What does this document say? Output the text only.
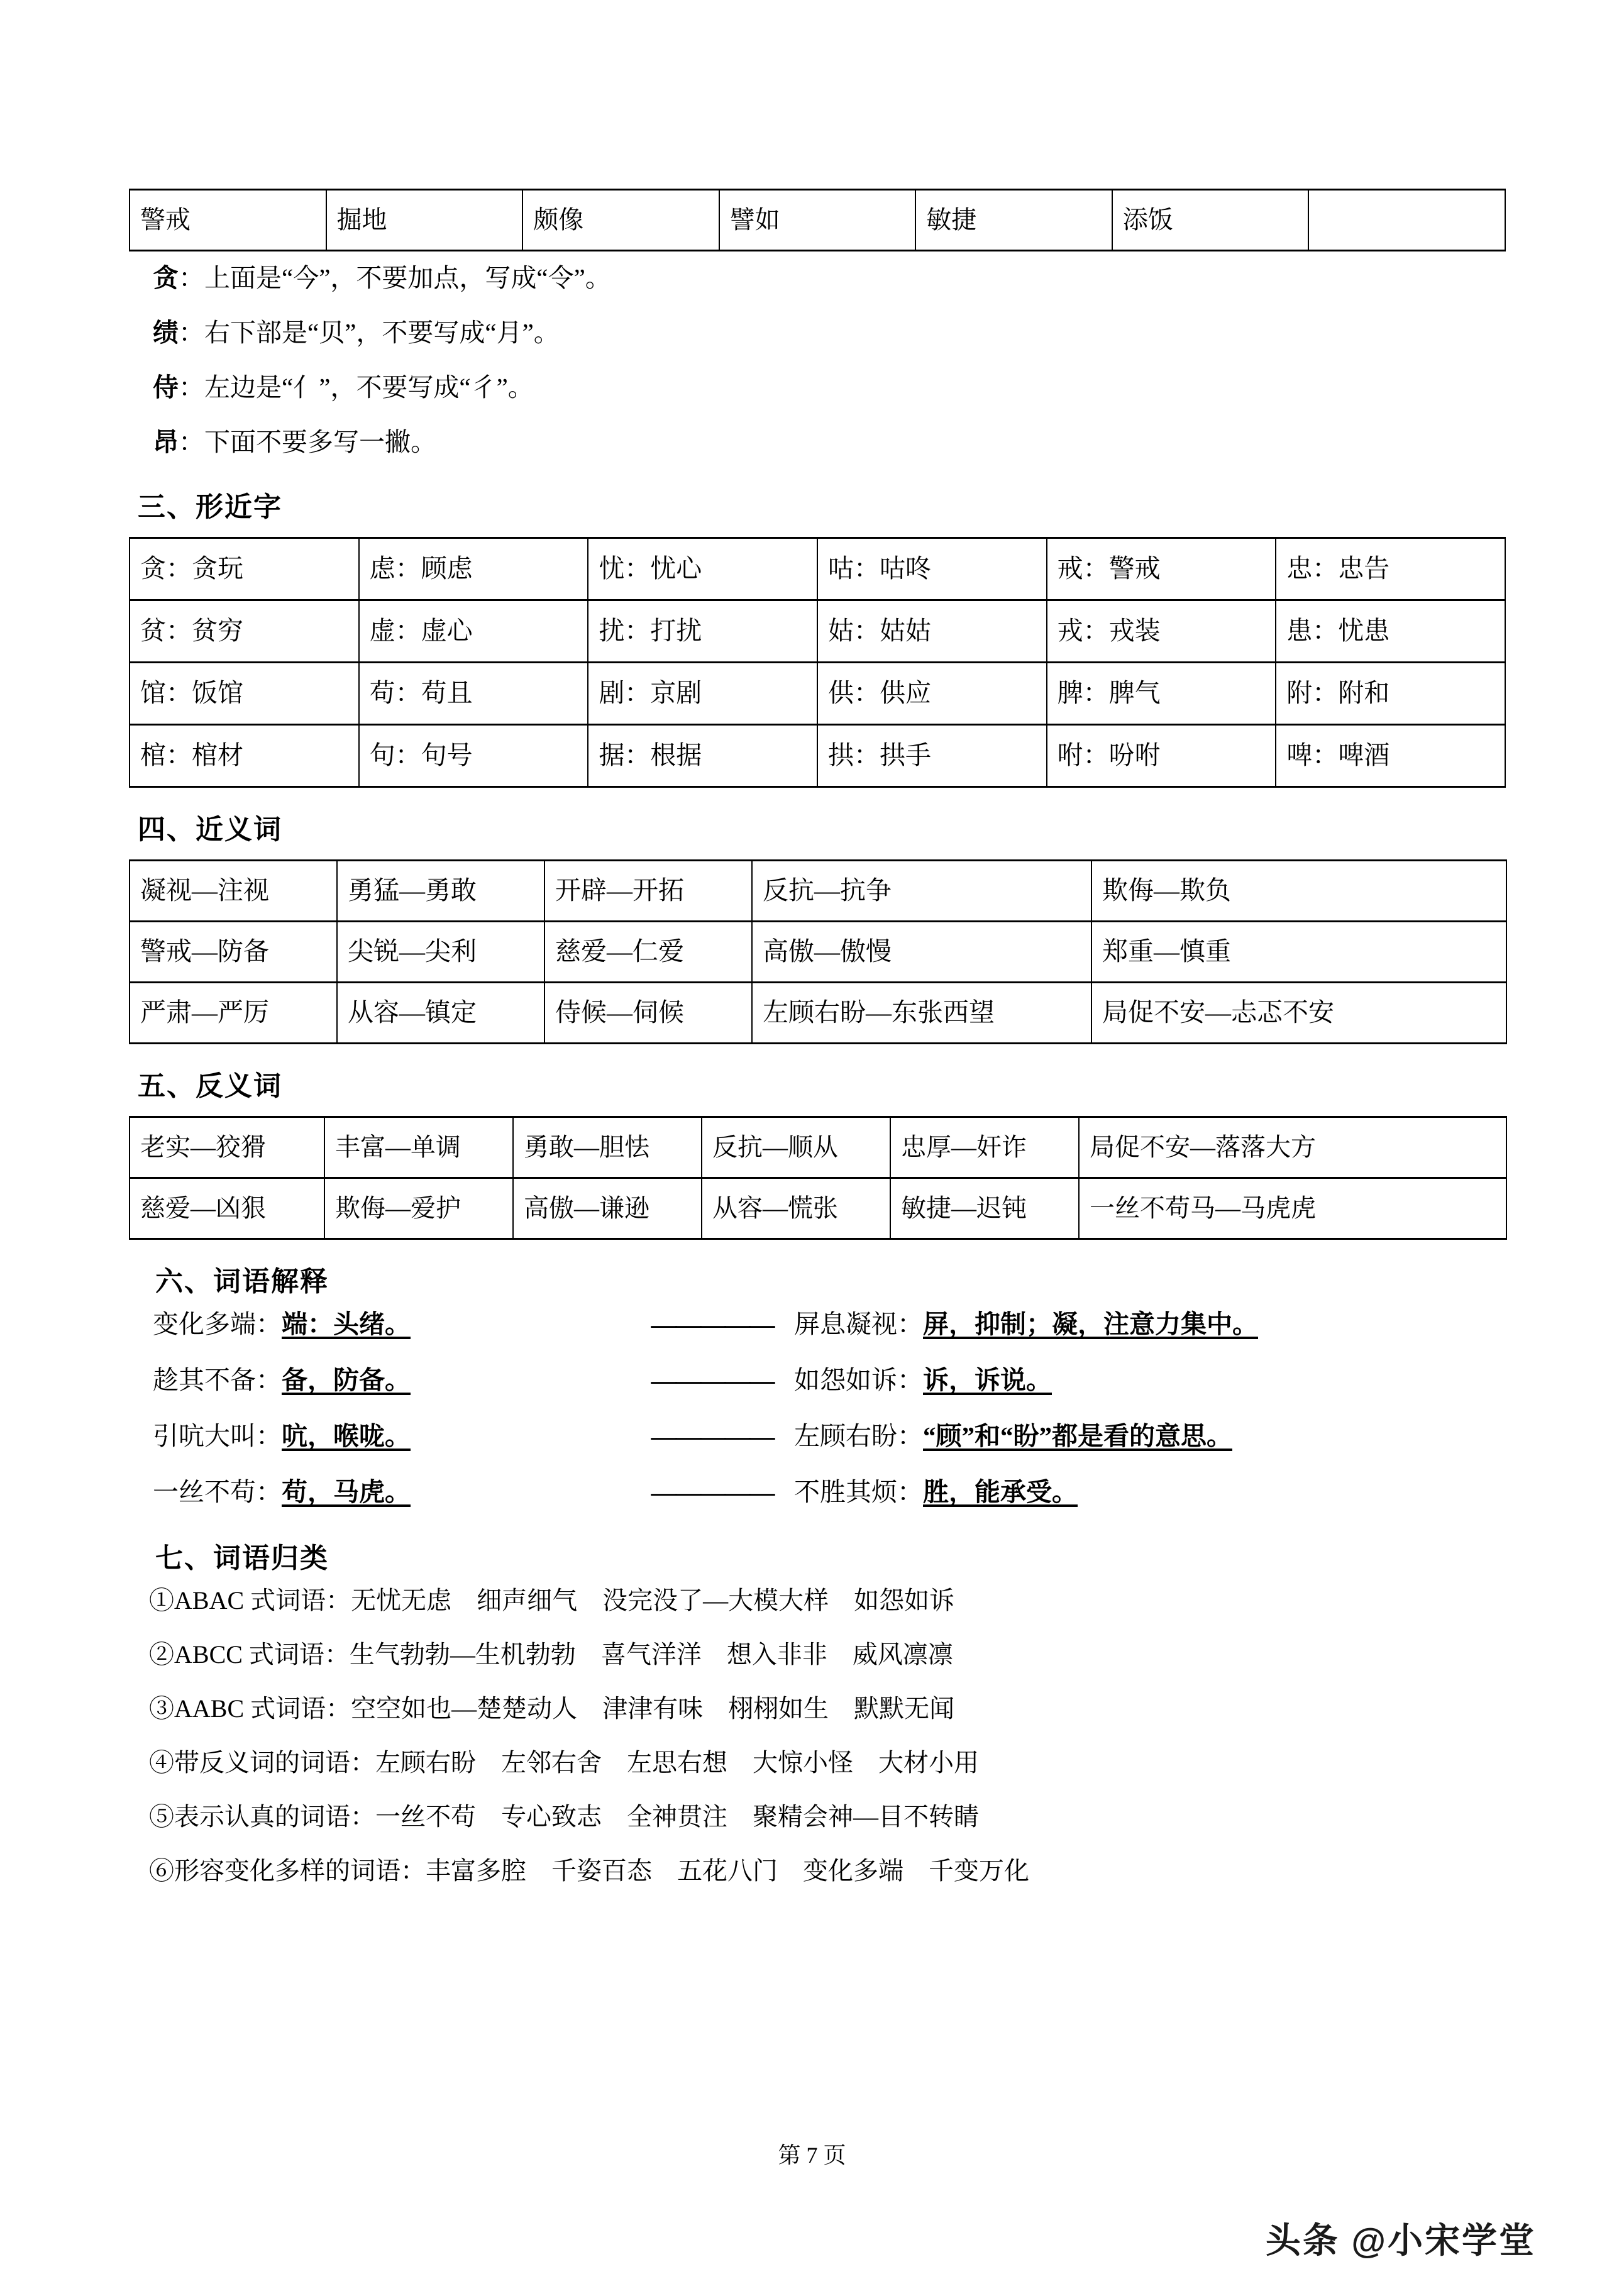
警戒	掘地	颇像	譬如	敏捷	添饭	
贪：上面是“今”，不要加点，写成“令”。
绩：右下部是“贝”，不要写成“月”。
侍：左边是“亻”，不要写成“彳”。
昂：下面不要多写一撇。
三、形近字
贪：贪玩	虑：顾虑	忧：忧心	咕：咕咚	戒：警戒	忠：忠告
贫：贫穷	虚：虚心	扰：打扰	姑：姑姑	戎：戎装	患：忧患
馆：饭馆	苟：苟且	剧：京剧	供：供应	脾：脾气	附：附和
棺：棺材	句：句号	据：根据	拱：拱手	咐：吩咐	啤：啤酒
四、近义词
凝视—注视	勇猛—勇敢	开辟—开拓	反抗—抗争	欺侮—欺负
警戒—防备	尖锐—尖利	慈爱—仁爱	高傲—傲慢	郑重—慎重
严肃—严厉	从容—镇定	侍候—伺候	左顾右盼—东张西望	局促不安—忐忑不安
五、反义词
老实—狡猾	丰富—单调	勇敢—胆怯	反抗—顺从	忠厚—奸诈	局促不安—落落大方
慈爱—凶狠	欺侮—爱护	高傲—谦逊	从容—慌张	敏捷—迟钝	一丝不苟马—马虎虎
六、词语解释
变化多端： 端：头绪。	————— 屏息凝视： 屏，抑制；凝，注意力集中。
趁其不备： 备，防备。	————— 如怨如诉： 诉，诉说。
引吭大叫： 吭，喉咙。	————— 左顾右盼： “顾”和“盼”都是看的意思。
一丝不苟： 苟，马虎。	————— 不胜其烦： 胜，能承受。
七、词语归类
①ABAC 式词语：无忧无虑　细声细气　没完没了—大模大样　如怨如诉
②ABCC 式词语：生气勃勃—生机勃勃　喜气洋洋　想入非非　威风凛凛
③AABC 式词语：空空如也—楚楚动人　津津有味　栩栩如生　默默无闻
④带反义词的词语：左顾右盼　左邻右舍　左思右想　大惊小怪　大材小用
⑤表示认真的词语：一丝不苟　专心致志　全神贯注　聚精会神—目不转睛
⑥形容变化多样的词语：丰富多腔　千姿百态　五花八门　变化多端　千变万化
第 7 页
头条 @小宋学堂
